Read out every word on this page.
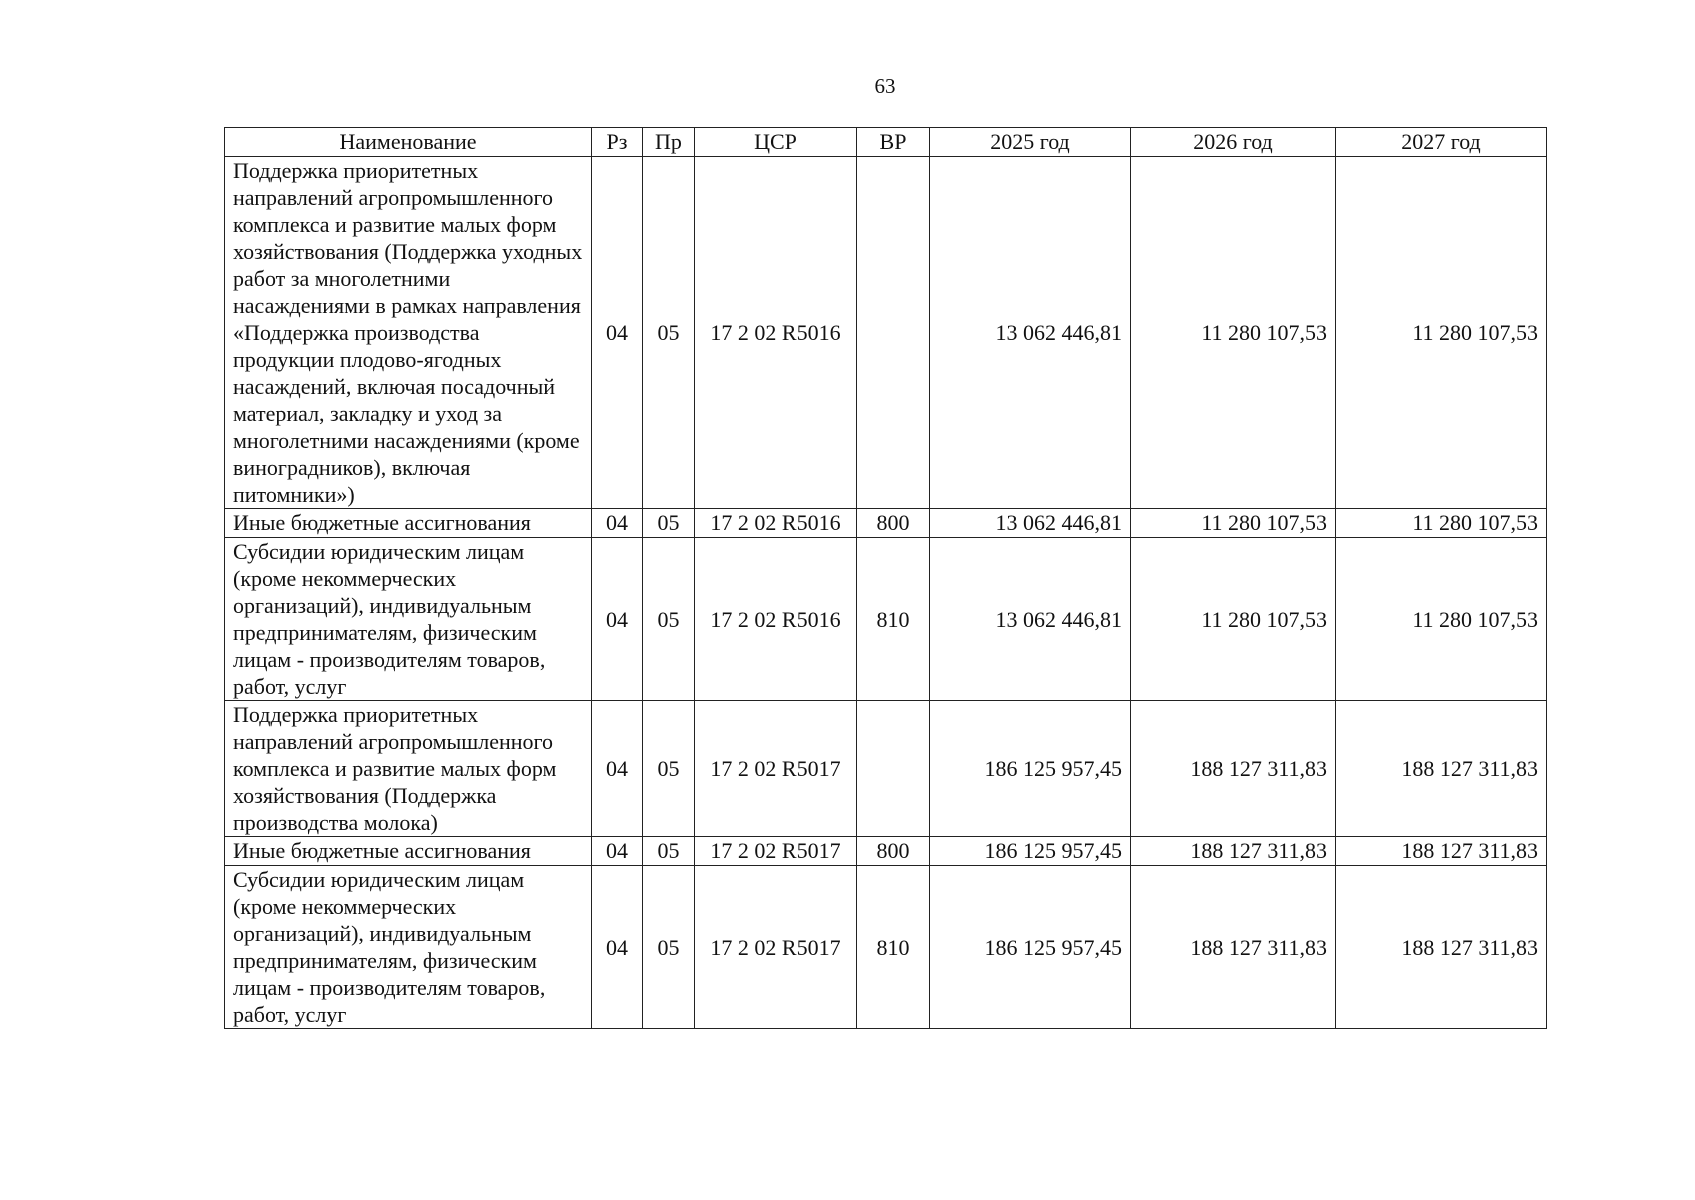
63
Наименование	Рз	Пр	ЦСР	ВР	2025 год	2026 год	2027 год
Поддержка приоритетных направлений агропромышленного комплекса и развитие малых форм хозяйствования (Поддержка уходных работ за многолетними насаждениями в рамках направления «Поддержка производства продукции плодово-ягодных насаждений, включая посадочный материал, закладку и уход за многолетними насаждениями (кроме виноградников), включая питомники»)	04	05	17 2 02 R5016		13 062 446,81	11 280 107,53	11 280 107,53
Иные бюджетные ассигнования	04	05	17 2 02 R5016	800	13 062 446,81	11 280 107,53	11 280 107,53
Субсидии юридическим лицам (кроме некоммерческих организаций), индивидуальным предпринимателям, физическим лицам - производителям товаров, работ, услуг	04	05	17 2 02 R5016	810	13 062 446,81	11 280 107,53	11 280 107,53
Поддержка приоритетных направлений агропромышленного комплекса и развитие малых форм хозяйствования (Поддержка производства молока)	04	05	17 2 02 R5017		186 125 957,45	188 127 311,83	188 127 311,83
Иные бюджетные ассигнования	04	05	17 2 02 R5017	800	186 125 957,45	188 127 311,83	188 127 311,83
Субсидии юридическим лицам (кроме некоммерческих организаций), индивидуальным предпринимателям, физическим лицам - производителям товаров, работ, услуг	04	05	17 2 02 R5017	810	186 125 957,45	188 127 311,83	188 127 311,83
